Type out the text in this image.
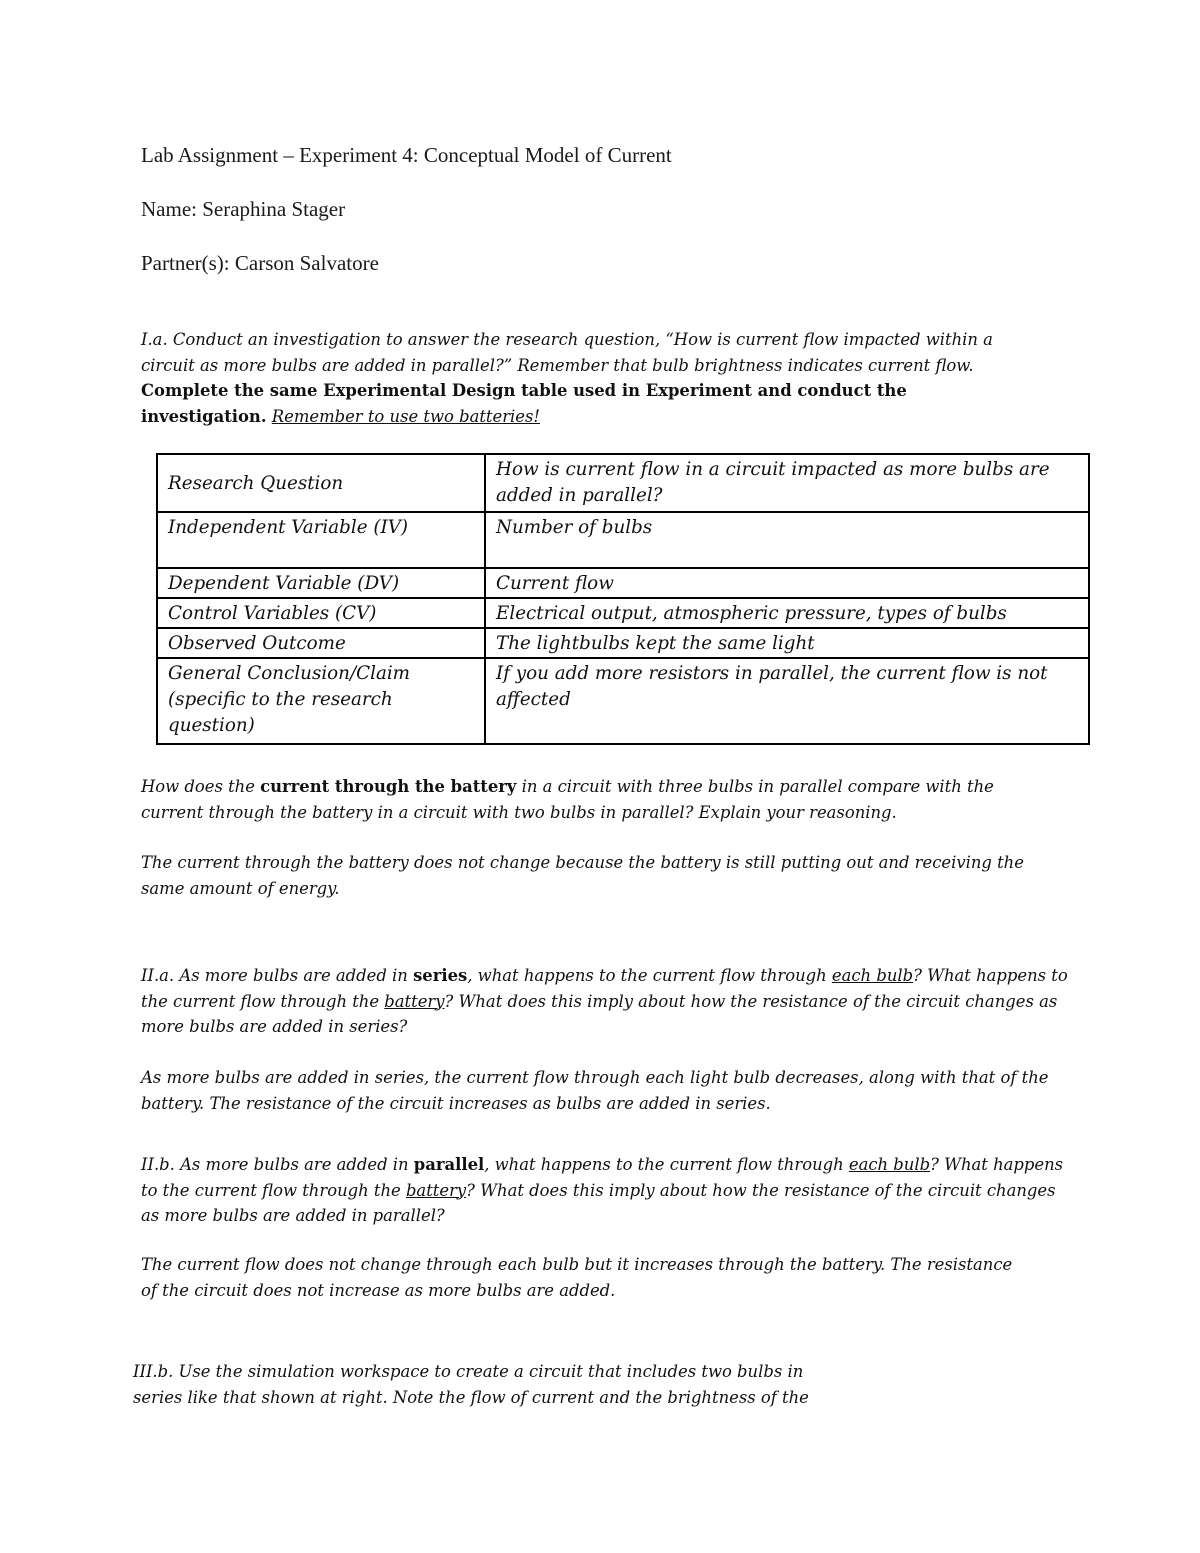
Lab Assignment – Experiment 4: Conceptual Model of Current

Name: Seraphina Stager

Partner(s): Carson Salvatore

I.a. Conduct an investigation to answer the research question, “How is current flow impacted within a
circuit as more bulbs are added in parallel?” Remember that bulb brightness indicates current flow.
Complete the same Experimental Design table used in Experiment and conduct the investigation. Remember to use two batteries!
Research Question	How is current flow in a circuit impacted as more bulbs are added in parallel?
Independent Variable (IV)	Number of bulbs
Dependent Variable (DV)	Current flow
Control Variables (CV)	Electrical output, atmospheric pressure, types of bulbs
Observed Outcome	The lightbulbs kept the same light
General Conclusion/Claim (specific to the research question)	If you add more resistors in parallel, the current flow is not affected
How does the current through the battery in a circuit with three bulbs in parallel compare with the current through the battery in a circuit with two bulbs in parallel? Explain your reasoning.
The current through the battery does not change because the battery is still putting out and receiving the same amount of energy.
II.a. As more bulbs are added in series, what happens to the current flow through each bulb? What happens to the current flow through the battery? What does this imply about how the resistance of the circuit changes as more bulbs are added in series?
As more bulbs are added in series, the current flow through each light bulb decreases, along with that of the battery. The resistance of the circuit increases as bulbs are added in series.
II.b. As more bulbs are added in parallel, what happens to the current flow through each bulb? What happens to the current flow through the battery? What does this imply about how the resistance of the circuit changes as more bulbs are added in parallel?
The current flow does not change through each bulb but it increases through the battery. The resistance of the circuit does not increase as more bulbs are added.
III.b. Use the simulation workspace to create a circuit that includes two bulbs in
series like that shown at right. Note the flow of current and the brightness of the
